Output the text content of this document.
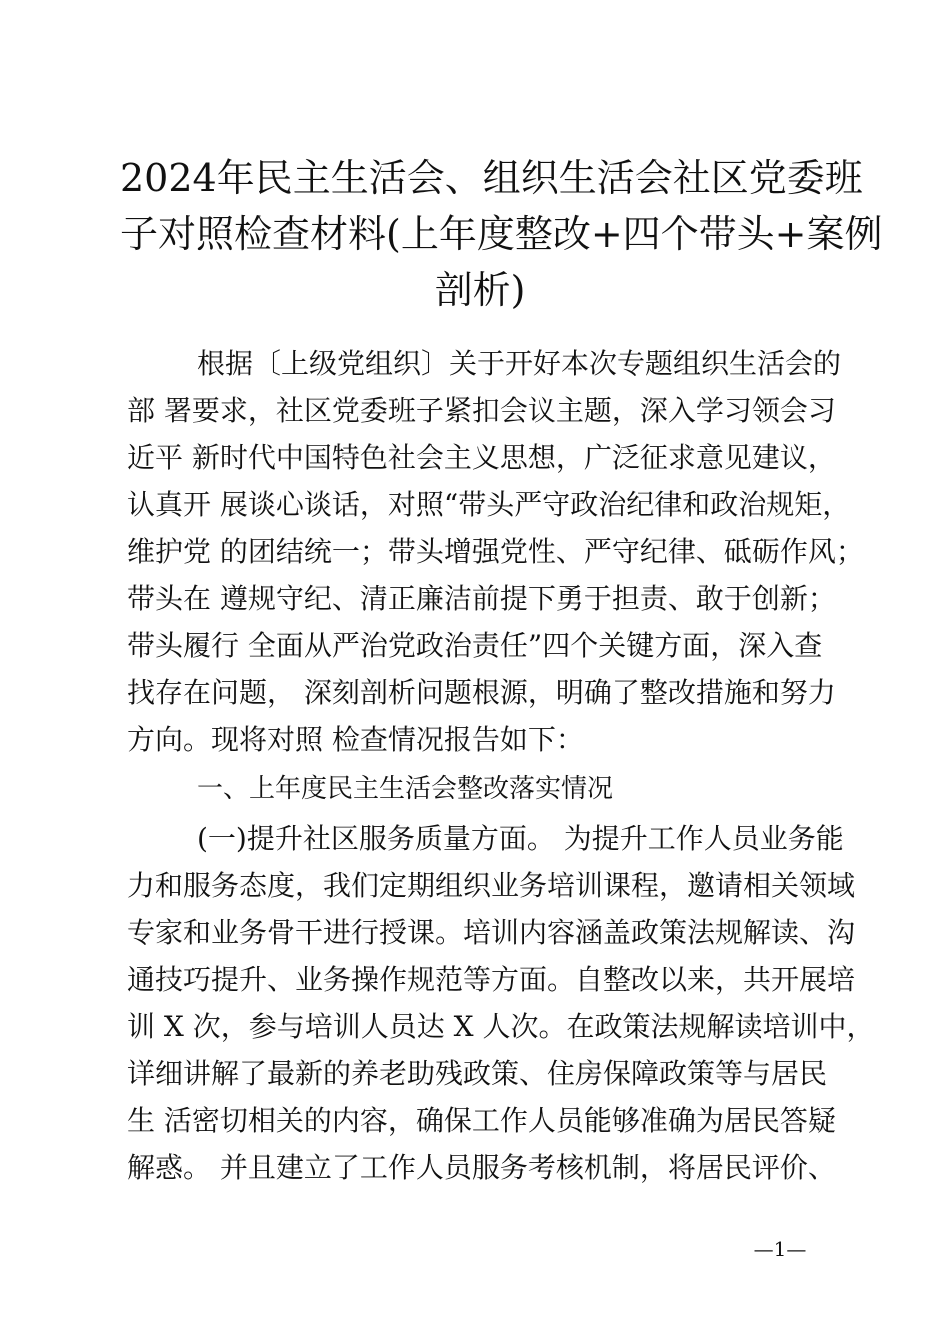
2024年民主生活会、组织生活会社区党委班
子对照检查材料(上年度整改+四个带头+案例
剖析)
根据〔上级党组织〕关于开好本次专题组织生活会的
部 署要求，社区党委班子紧扣会议主题，深入学习领会习
近平 新时代中国特色社会主义思想，广泛征求意见建议，
认真开 展谈心谈话，对照“带头严守政治纪律和政治规矩，
维护党 的团结统一；带头增强党性、严守纪律、砥砺作风；
带头在 遵规守纪、清正廉洁前提下勇于担责、敢于创新；
带头履行 全面从严治党政治责任”四个关键方面，深入查
找存在问题， 深刻剖析问题根源，明确了整改措施和努力
方向。现将对照 检查情况报告如下：
一、上年度民主生活会整改落实情况
(一)提升社区服务质量方面。 为提升工作人员业务能
力和服务态度，我们定期组织业务培训课程，邀请相关领域
专家和业务骨干进行授课。培训内容涵盖政策法规解读、沟
通技巧提升、业务操作规范等方面。自整改以来，共开展培
训 X 次，参与培训人员达 X 人次。在政策法规解读培训中，
详细讲解了最新的养老助残政策、住房保障政策等与居民
生 活密切相关的内容，确保工作人员能够准确为居民答疑
解惑。 并且建立了工作人员服务考核机制，将居民评价、
—1—
